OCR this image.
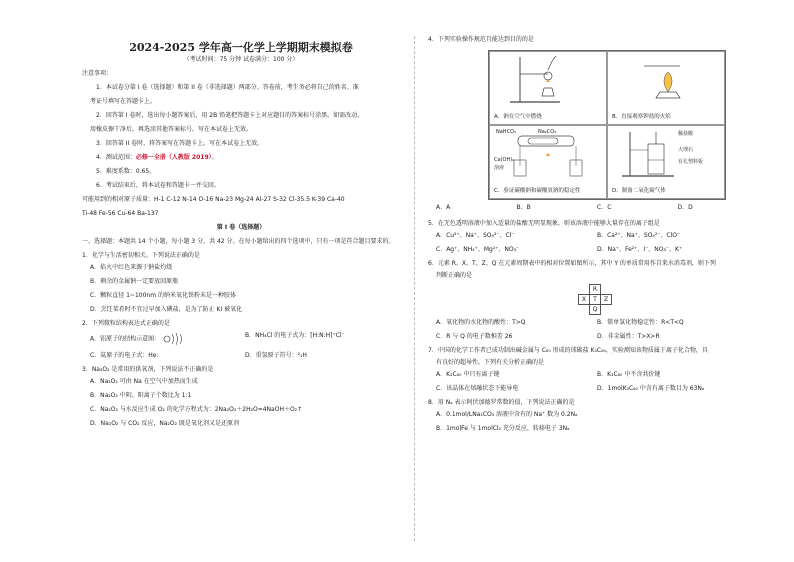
2024-2025 学年高一化学上学期期末模拟卷
（考试时间：75 分钟 试卷满分：100 分）
注意事项：
1．本试卷分第 I 卷（选择题）和第 II 卷（非选择题）两部分。答卷前，考生务必将自己的姓名、准
考证号填写在答题卡上。
2．回答第 I 卷时，选出每小题答案后，用 2B 铅笔把答题卡上对应题目的答案标号涂黑。如需改动，
用橡皮擦干净后，再选涂其他答案标号。写在本试卷上无效。
3．回答第 II 卷时，将答案写在答题卡上。写在本试卷上无效。
4．测试范围：必修一全册（人教版 2019）。
5．难度系数：0.65。
6．考试结束后，将本试卷和答题卡一并交回。
可能用到的相对原子质量：H-1 C-12 N-14 O-16 Na-23 Mg-24 Al-27 S-32 Cl-35.5 K-39 Ca-40
Ti-48 Fe-56 Cu-64 Ba-137
第 I 卷（选择题）
一、选择题：本题共 14 个小题，每小题 3 分，共 42 分。在每小题给出的四个选项中，只有一项是符合题目要求的。
1．化学与生活密切相关。下列说法正确的是
A．焰火中红色来源于钠盐灼烧
B．剩余的金属钠一定要放回原瓶
C．颗粒直径 1~100nm 的纳米氧化铁粉末是一种胶体
D．烹饪菜肴时不宜过早加入碘盐，是为了防止 KI 被氧化
2．下列微粒结构表达式正确的是
A．铝原子的结构示意图：	B．NH₄Cl 的电子式为：[H:N:H]⁺Cl⁻
C．氦原子的电子式：He:	D．重氢原子符号：²₁H
3．Na₂O₂ 是常用的供氧剂，下列说法不正确的是
A．Na₂O₂ 可由 Na 在空气中加热而生成
B．Na₂O₂ 中阴、阳离子个数比为 1:1
C．Na₂O₂ 与水反应生成 O₂ 的化学方程式为：2Na₂O₂＋2H₂O=4NaOH＋O₂↑
D．Na₂O₂ 与 CO₂ 反应，Na₂O₂ 既是氧化剂又是还原剂
4．下列实验操作规范且能达到目的的是
A．钠在空气中燃烧	B．直接观察钾盐的火焰
NaHCO₃	Na₂CO₃
Ca(OH)₂ 溶液
C．验证碳酸钠和碳酸氢钠的稳定性
稀盐酸
大理石
有孔塑料板
D．制备二氧化碳气体
A．A	B．B	C．C	D．D
5．在无色透明溶液中加入适量的盐酸无明显现象，则该溶液中能够大量存在的离子组是
A．Cu²⁺、Na⁺、SO₄²⁻、Cl⁻	B．Ca²⁺、Na⁺、SO₄²⁻、ClO⁻
C．Ag⁺、NH₄⁺、Mg²⁺、NO₃⁻	D．Na⁺、Fe²⁺、I⁻、NO₃⁻、K⁺
6．元素 R、X、T、Z、Q 在元素周期表中的相对位置如图所示，其中 Y 的单质常用作自来水消毒剂，则下列
判断正确的是
	R	
X	T	Z
	Q	
A．氧化物的水化物的酸性：T>Q	B．简单氢化物稳定性：R<T<Q
C．R 与 Q 的电子数相差 26	D．非金属性：T>X>R
7．中国的化学工作者已成功制出碱金属与 C₆₀ 形成的球碳盐 K₃C₆₀，实验测知该物质属于离子化合物，具
有良好的超导性。下列有关分析正确的是
A．K₃C₆₀ 中只有离子键	B．K₃C₆₀ 中不含共价键
C．该晶体在熔融状态下能导电	D．1molK₃C₆₀ 中含有离子数目为 63Nₐ
8．用 Nₐ 表示阿伏加德罗常数的值，下列说法正确的是
A．0.1mol/LNa₂CO₃ 溶液中含有的 Na⁺ 数为 0.2Nₐ
B．1molFe 与 1molCl₂ 充分反应，转移电子 3Nₐ
